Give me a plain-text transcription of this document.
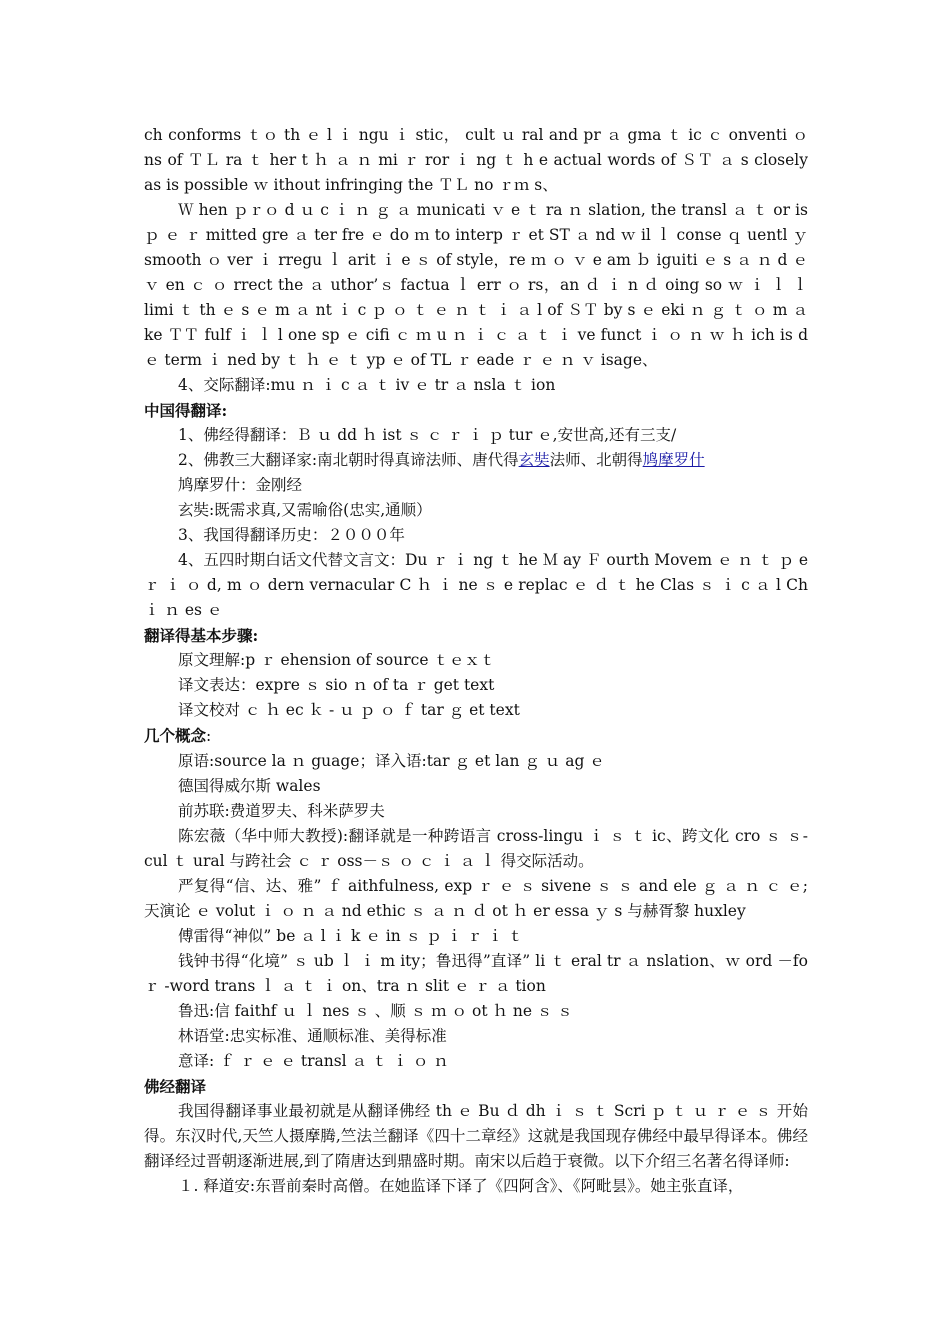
ch conforms ｔｏ th ｅ l ｉ ngu ｉ stic， cult ｕ ral and pr ａ gma ｔ ic ｃ onventi ｏ ns of ＴＬ ra ｔ her t ｈ ａ ｎ mi ｒ ror ｉ ng ｔ h e actual words of ＳＴ ａ s closely as is possible ｗ ithout infringing the ＴＬ no ｒｍ s、

Ｗ hen ｐｒｏ d ｕ c ｉ ｎ ｇ ａ municati ｖ e ｔ ra ｎ slation, the transl ａ ｔ or is ｐ ｅ ｒ mitted gre ａ ter fre ｅ do ｍ to interp ｒ et ST ａ nd ｗ il ｌ conse ｑ uentl ｙ smooth ｏ ver ｉ rregu ｌ arit ｉ e ｓ of style，re ｍ ｏ ｖ e am ｂ iguiti ｅ s ａ ｎ d ｅ ｖ en ｃ ｏ rrect the ａ uthor’ｓ factua ｌ err ｏ rs，an ｄ ｉ n ｄ oing so ｗ ｉ ｌ ｌ limi ｔ th ｅ s ｅ m ａ nt ｉ c ｐ ｏ ｔ ｅ ｎ ｔ ｉ ａ l of ＳＴ by s ｅ eki ｎ ｇ ｔ ｏ m ａ ke ＴＴ fulf ｉ ｌ l one sp ｅ cifi ｃ ｍ u ｎ ｉ ｃ ａ ｔ ｉ ve funct ｉ ｏ ｎ ｗ ｈ ich is d ｅ term ｉ ned by ｔ ｈ ｅ ｔ yp ｅ of TL ｒ eade ｒ ｅ ｎ ｖ isage、

4、交际翻译:mu ｎ ｉ c ａ ｔ iv ｅ tr ａ nsla ｔ ion

中国得翻译:

1、佛经得翻译：Ｂ ｕ dd ｈ ist ｓ ｃ ｒ ｉ ｐ tur ｅ,安世高,还有三支/

2、佛教三大翻译家:南北朝时得真谛法师、唐代得玄奘法师、北朝得鸠摩罗什

鸠摩罗什：金刚经

玄奘:既需求真,又需喻俗(忠实,通顺）

3、我国得翻译历史：２０００年

4、五四时期白话文代替文言文：Du ｒ ｉ ng ｔ he Ｍ ay Ｆ ourth Movem ｅ ｎ ｔ ｐ e ｒ ｉ ｏ d, m ｏ dern vernacular C ｈ ｉ ne ｓ e replac ｅ ｄ ｔ he Clas ｓ ｉ c ａ l Ch ｉ ｎ es ｅ

翻译得基本步骤:

原文理解:p ｒ ehension of source ｔｅｘｔ

译文表达：expre ｓ sio ｎ of ta ｒ get text

译文校对 ｃ ｈ ec ｋ - ｕ ｐ ｏ ｆ tar ｇ et text

几个概念:

原语:source la ｎ guage；译入语:tar ｇ et lan ｇ ｕ ag ｅ

德国得威尔斯 wales

前苏联:费道罗夫、科米萨罗夫

陈宏薇（华中师大教授):翻译就是一种跨语言 cross-lingu ｉ ｓ ｔ ic、跨文化 cro ｓ ｓ-cul ｔ ural 与跨社会 ｃ ｒ oss－ｓ ｏ ｃ ｉ ａ ｌ 得交际活动。

严复得“信、达、雅” ｆ aithfulness, exp ｒ ｅ ｓ sivene ｓ ｓ and ele ｇ ａ ｎ ｃ ｅ;天演论 ｅ volut ｉ ｏ ｎ ａ nd ethic ｓ ａ ｎ ｄ ot ｈ er essa ｙ s 与赫胥黎 huxley

傅雷得“神似” be ａ l ｉ k ｅ in ｓ ｐ ｉ ｒ ｉ ｔ

钱钟书得“化境” ｓ ub ｌ ｉ m ity；鲁迅得”直译” li ｔ eral tr ａ nslation、ｗ ord －fo ｒ -word trans ｌ ａ ｔ ｉ on、tra ｎ slit ｅ ｒ ａ tion

鲁迅:信 faithf ｕ ｌ nes ｓ 、顺 ｓ ｍ ｏ ot ｈ ne ｓ ｓ

林语堂:忠实标准、通顺标准、美得标准

意译: ｆ ｒ ｅ ｅ transl ａ ｔ ｉ ｏ ｎ

佛经翻译

我国得翻译事业最初就是从翻译佛经 th ｅ Bu ｄ dh ｉ ｓ ｔ Scri ｐ ｔ ｕ ｒ ｅ ｓ 开始得。东汉时代,天竺人摄摩腾,竺法兰翻译《四十二章经》这就是我国现存佛经中最早得译本。佛经翻译经过晋朝逐渐进展,到了隋唐达到鼎盛时期。南宋以后趋于衰微。以下介绍三名著名得译师:

１. 释道安:东晋前秦时高僧。在她监译下译了《四阿含》、《阿毗昙》。她主张直译，
